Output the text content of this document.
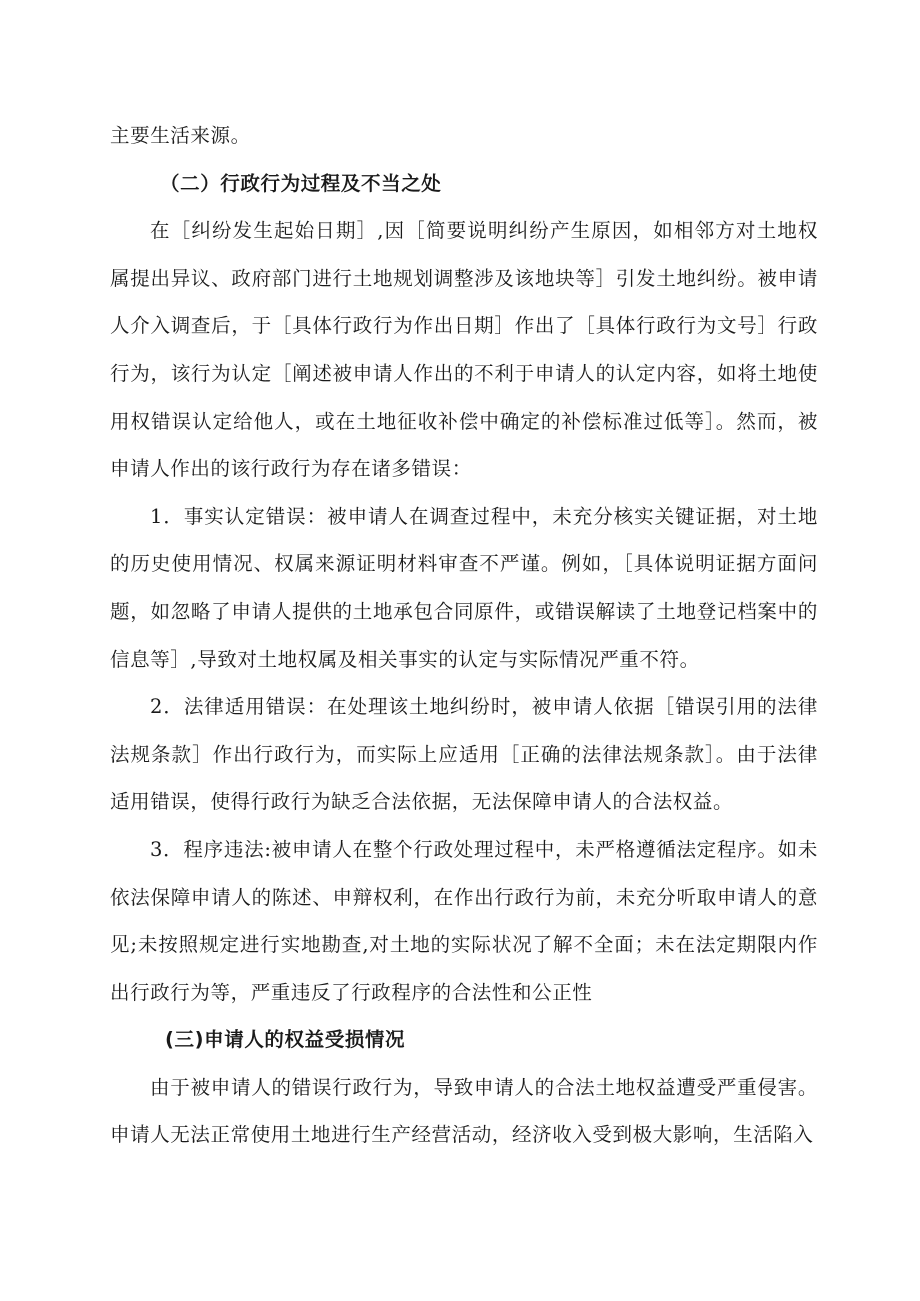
主要生活来源。

（二）行政行为过程及不当之处

在［纠纷发生起始日期］,因［简要说明纠纷产生原因，如相邻方对土地权属提出异议、政府部门进行土地规划调整涉及该地块等］引发土地纠纷。被申请人介入调查后，于［具体行政行为作出日期］作出了［具体行政行为文号］行政行为，该行为认定［阐述被申请人作出的不利于申请人的认定内容，如将土地使用权错误认定给他人，或在土地征收补偿中确定的补偿标准过低等］。然而，被申请人作出的该行政行为存在诸多错误：

1．事实认定错误：被申请人在调查过程中，未充分核实关键证据，对土地的历史使用情况、权属来源证明材料审查不严谨。例如，［具体说明证据方面问题，如忽略了申请人提供的土地承包合同原件，或错误解读了土地登记档案中的信息等］,导致对土地权属及相关事实的认定与实际情况严重不符。

2．法律适用错误：在处理该土地纠纷时，被申请人依据［错误引用的法律法规条款］作出行政行为，而实际上应适用［正确的法律法规条款］。由于法律适用错误，使得行政行为缺乏合法依据，无法保障申请人的合法权益。

3．程序违法:被申请人在整个行政处理过程中，未严格遵循法定程序。如未依法保障申请人的陈述、申辩权利，在作出行政行为前，未充分听取申请人的意见;未按照规定进行实地勘查,对土地的实际状况了解不全面；未在法定期限内作出行政行为等，严重违反了行政程序的合法性和公正性

(三)申请人的权益受损情况

由于被申请人的错误行政行为，导致申请人的合法土地权益遭受严重侵害。申请人无法正常使用土地进行生产经营活动，经济收入受到极大影响，生活陷入
